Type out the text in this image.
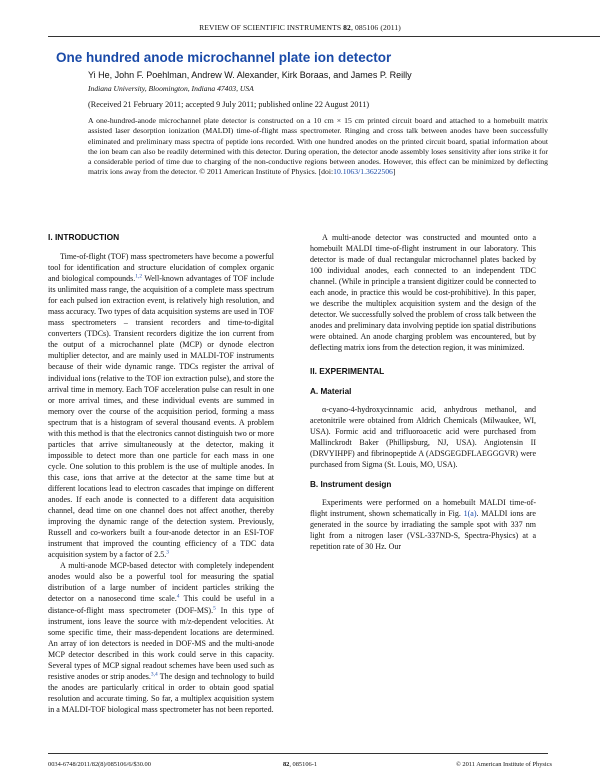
REVIEW OF SCIENTIFIC INSTRUMENTS 82, 085106 (2011)
One hundred anode microchannel plate ion detector
Yi He, John F. Poehlman, Andrew W. Alexander, Kirk Boraas, and James P. Reilly
Indiana University, Bloomington, Indiana 47403, USA
(Received 21 February 2011; accepted 9 July 2011; published online 22 August 2011)
A one-hundred-anode microchannel plate detector is constructed on a 10 cm × 15 cm printed circuit board and attached to a homebuilt matrix assisted laser desorption ionization (MALDI) time-of-flight mass spectrometer. Ringing and cross talk between anodes have been successfully eliminated and preliminary mass spectra of peptide ions recorded. With one hundred anodes on the printed circuit board, spatial information about the ion beam can also be readily determined with this detector. During operation, the detector anode assembly loses sensitivity after ions strike it for a considerable period of time due to charging of the non-conductive regions between anodes. However, this effect can be minimized by deflecting matrix ions away from the detector. © 2011 American Institute of Physics. [doi:10.1063/1.3622506]
I. INTRODUCTION

Time-of-flight (TOF) mass spectrometers have become a powerful tool for identification and structure elucidation of complex organic and biological compounds.$^{1,2}$ Well-known advantages of TOF include its unlimited mass range, the acquisition of a complete mass spectrum for each pulsed ion extraction event, is relatively high resolution, and mass accuracy. Two types of data acquisition systems are used in TOF mass spectrometers – transient recorders and time-to-digital converters (TDCs). Transient recorders digitize the ion current from the output of a microchannel plate (MCP) or dynode electron multiplier detector, and are mainly used in MALDI-TOF instruments because of their wide dynamic range. TDCs register the arrival of individual ions (relative to the TOF ion extraction pulse), and store the arrival time in memory. Each TOF acceleration pulse can result in one or more arrival times, and these individual events are summed in memory over the course of the acquisition period, forming a mass spectrum that is a histogram of several thousand events. A problem with this method is that the electronics cannot distinguish two or more particles that arrive simultaneously at the detector, making it impossible to detect more than one particle for each mass in one cycle. One solution to this problem is the use of multiple anodes. In this case, ions that arrive at the detector at the same time but at different locations lead to electron cascades that impinge on different anodes. If each anode is connected to a different data acquisition channel, dead time on one channel does not affect another, thereby improving the dynamic range of the detection system. Previously, Russell and co-workers built a four-anode detector in an ESI-TOF instrument that improved the counting efficiency of a TDC data acquisition system by a factor of 2.5.$^3$

A multi-anode MCP-based detector with completely independent anodes would also be a powerful tool for measuring the spatial distribution of a large number of incident particles striking the detector on a nanosecond time scale.$^4$ This could be useful in a distance-of-flight mass spectrometer (DOF-MS).$^5$ In this type of instrument, ions leave the source with m/z-dependent velocities. At some specific time, their mass-dependent locations are determined. An array of ion detectors is needed in DOF-MS and the multi-anode MCP detector described in this work could serve in this capacity. Several types of MCP signal readout schemes have been used such as resistive anodes or strip anodes.$^{3,4}$ The design and technology to build the anodes are particularly critical in order to obtain good spatial resolution and accurate timing. So far, a multiplex acquisition system in a MALDI-TOF biological mass spectrometer has not been reported.

A multi-anode detector was constructed and mounted onto a homebuilt MALDI time-of-flight instrument in our laboratory. This detector is made of dual rectangular microchannel plates backed by 100 individual anodes, each connected to an independent TDC channel. (While in principle a transient digitizer could be connected to each anode, in practice this would be cost-prohibitive). In this paper, we describe the multiplex acquisition system and the design of the detector. We successfully solved the problem of cross talk between the anodes and preliminary data involving peptide ion spatial distributions were obtained. An anode charging problem was encountered, but by deflecting matrix ions from the detection region, it was minimized.

II. EXPERIMENTAL
A. Material

α-cyano-4-hydroxycinnamic acid, anhydrous methanol, and acetonitrile were obtained from Aldrich Chemicals (Milwaukee, WI, USA). Formic acid and trifluoroacetic acid were purchased from Mallinckrodt Baker (Phillipsburg, NJ, USA). Angiotensin II (DRVYIHPF) and fibrinopeptide A (ADSGEGDFLAEGGGVR) were purchased from Sigma (St. Louis, MO, USA).

B. Instrument design

Experiments were performed on a homebuilt MALDI time-of-flight instrument, shown schematically in Fig. 1(a). MALDI ions are generated in the source by irradiating the sample spot with 337 nm light from a nitrogen laser (VSL-337ND-S, Spectra-Physics) at a repetition rate of 30 Hz. Our

0034-6748/2011/82(8)/085106/6/$30.00	82, 085106-1	© 2011 American Institute of Physics
